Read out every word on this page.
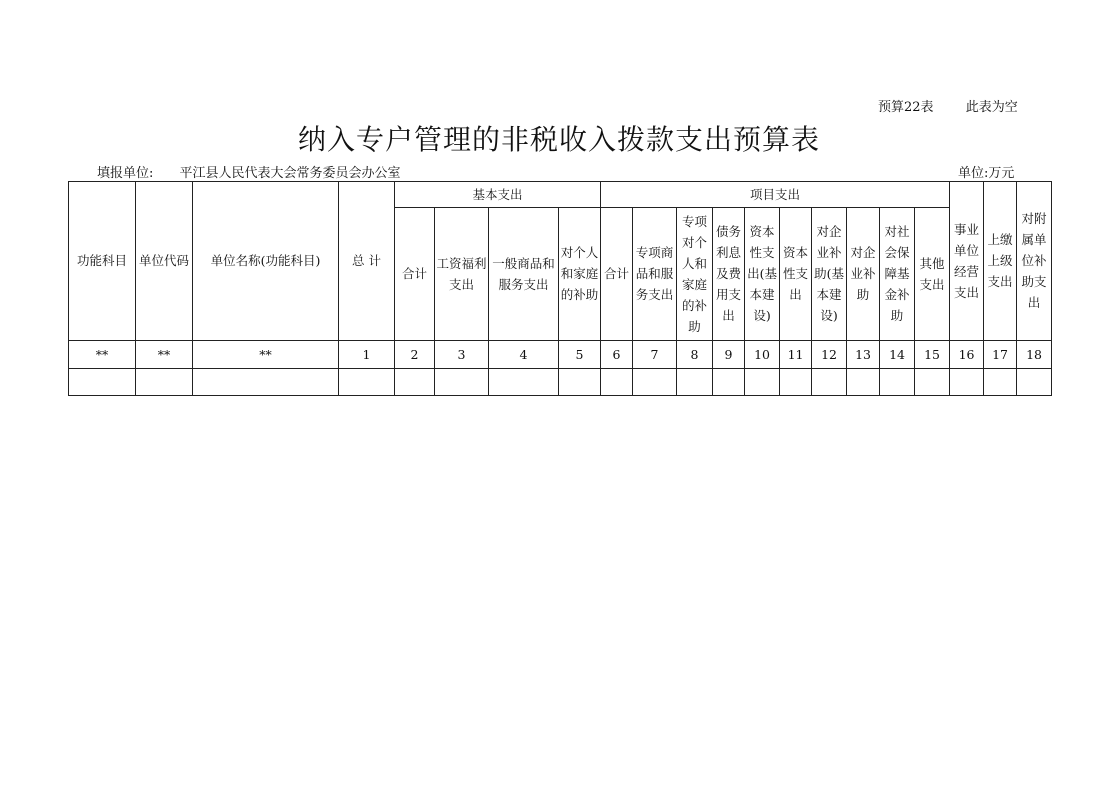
预算22表 此表为空
纳入专户管理的非税收入拨款支出预算表
填报单位: 平江县人民代表大会常务委员会办公室	单位:万元
功能科目	单位代码	单位名称(功能科目)	总 计	基本支出				项目支出										事业单位经营支出	上缴上级支出	对附属单位补助支出
				合计	工资福利支出	一般商品和服务支出	对个人和家庭的补助	合计	专项商品和服务支出	专项对个人和家庭的补助	债务利息及费用支出	资本性支出(基本建设)	资本性支出	对企业补助(基本建设)	对企业补助	对社会保障基金补助	其他支出			
**	**	**	1	2	3	4	5	6	7	8	9	10	11	12	13	14	15	16	17	18
